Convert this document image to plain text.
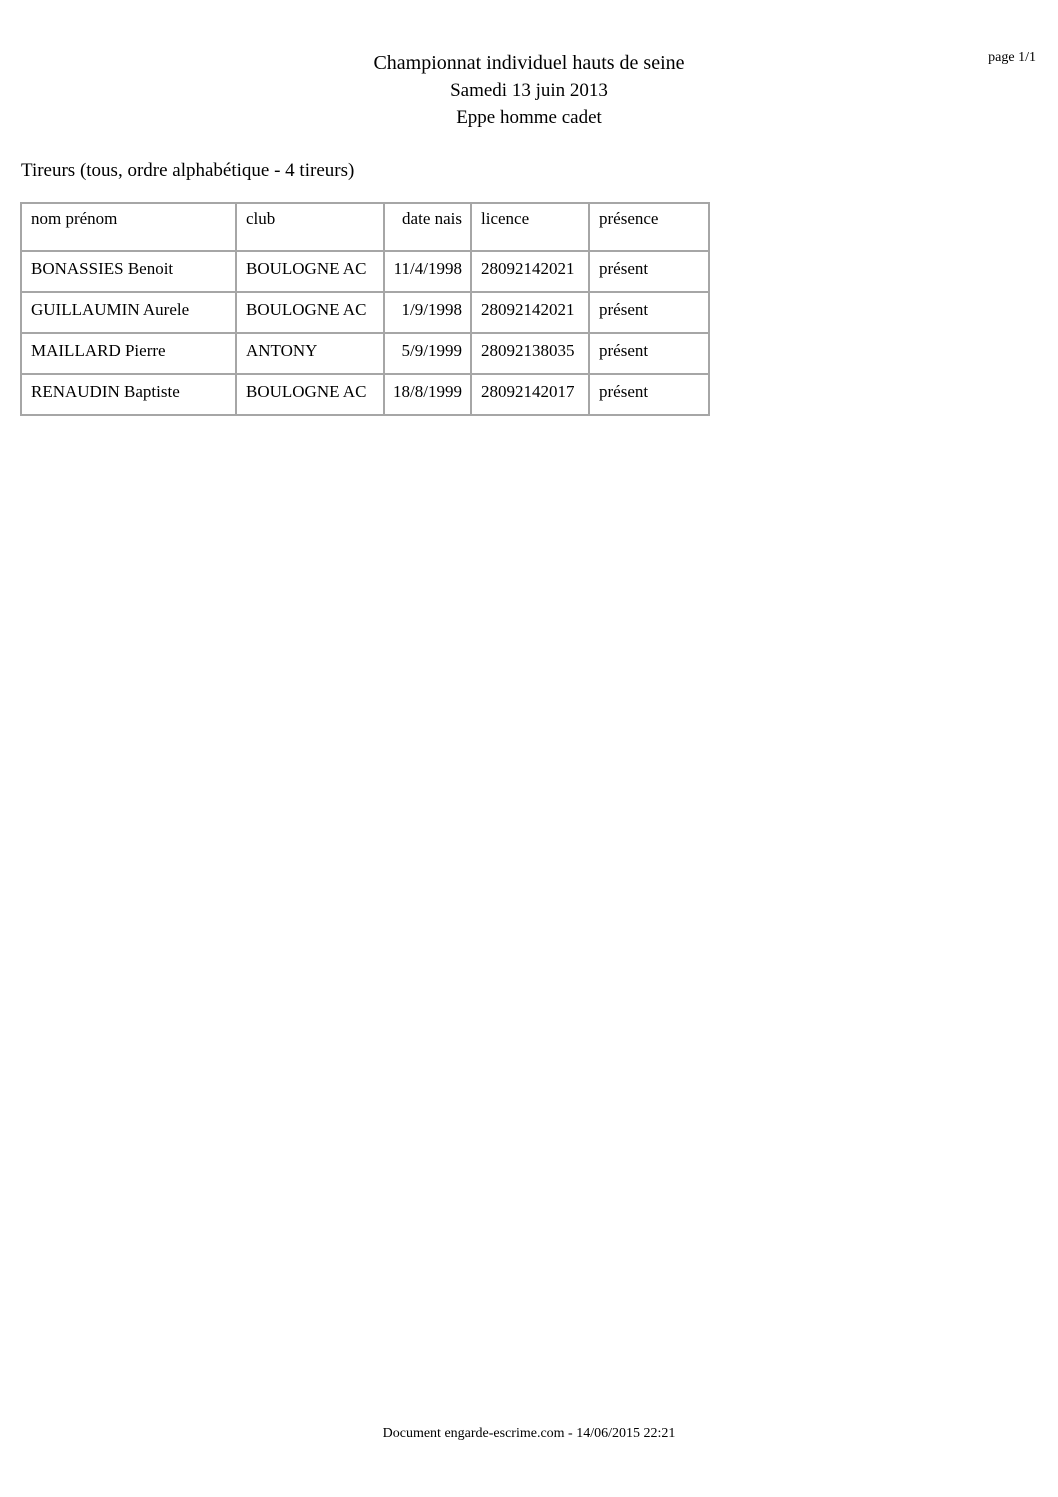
page 1/1
Championnat individuel hauts de seine
Samedi 13 juin 2013
Eppe homme cadet
Tireurs (tous, ordre alphabétique - 4 tireurs)
nom prénom	club	date nais	licence	présence
BONASSIES Benoit	BOULOGNE AC	11/4/1998	28092142021	présent
GUILLAUMIN Aurele	BOULOGNE AC	1/9/1998	28092142021	présent
MAILLARD Pierre	ANTONY	5/9/1999	28092138035	présent
RENAUDIN Baptiste	BOULOGNE AC	18/8/1999	28092142017	présent
Document engarde-escrime.com - 14/06/2015 22:21
